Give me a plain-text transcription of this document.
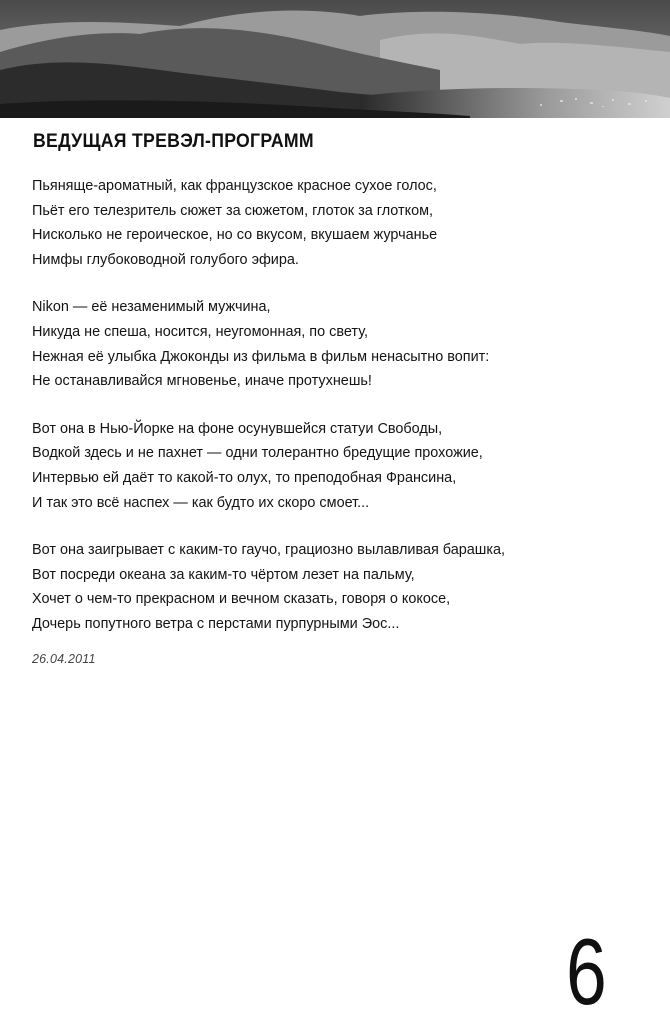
ВЕДУЩАЯ ТРЕВЭЛ-ПРОГРАММ
Пьяняще-ароматный, как французское красное сухое голос,
Пьёт его телезритель сюжет за сюжетом, глоток за глотком,
Нисколько не героическое, но со вкусом, вкушаем журчанье
Нимфы глубоководной голубого эфира.
Nikon — её незаменимый мужчина,
Никуда не спеша, носится, неугомонная, по свету,
Нежная её улыбка Джоконды из фильма в фильм ненасытно вопит:
Не останавливайся мгновенье, иначе протухнешь!
Вот она в Нью-Йорке на фоне осунувшейся статуи Свободы,
Водкой здесь и не пахнет — одни толерантно бредущие прохожие,
Интервью ей даёт то какой-то олух, то преподобная Франсина,
И так это всё наспех — как будто их скоро смоет...
Вот она заигрывает с каким-то гаучо, грациозно вылавливая барашка,
Вот посреди океана за каким-то чёртом лезет на пальму,
Хочет о чем-то прекрасном и вечном сказать, говоря о кокосе,
Дочерь попутного ветра с перстами пурпурными Эос...
26.04.2011
6
